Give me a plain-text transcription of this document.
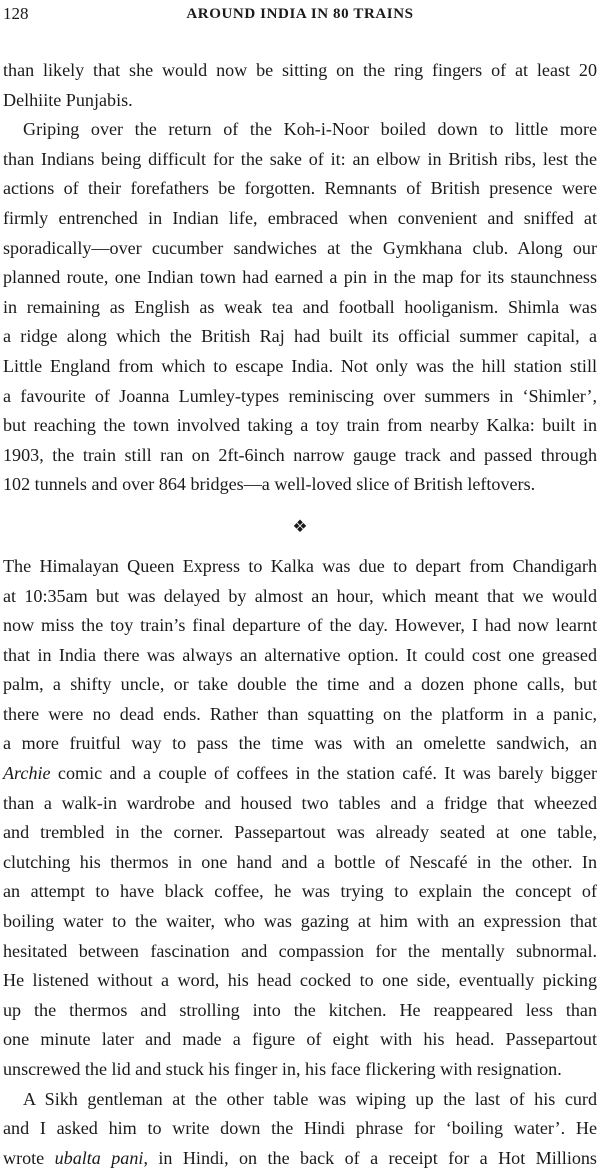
128	AROUND INDIA IN 80 TRAINS
than likely that she would now be sitting on the ring fingers of at least 20
Delhiite Punjabis.
Griping over the return of the Koh-i-Noor boiled down to little more
than Indians being difficult for the sake of it: an elbow in British ribs, lest the
actions of their forefathers be forgotten. Remnants of British presence were
firmly entrenched in Indian life, embraced when convenient and sniffed at
sporadically—over cucumber sandwiches at the Gymkhana club. Along our
planned route, one Indian town had earned a pin in the map for its staunchness
in remaining as English as weak tea and football hooliganism. Shimla was
a ridge along which the British Raj had built its official summer capital, a
Little England from which to escape India. Not only was the hill station still
a favourite of Joanna Lumley-types reminiscing over summers in ‘Shimler’,
but reaching the town involved taking a toy train from nearby Kalka: built in
1903, the train still ran on 2ft-6inch narrow gauge track and passed through
102 tunnels and over 864 bridges—a well-loved slice of British leftovers.
❖
The Himalayan Queen Express to Kalka was due to depart from Chandigarh
at 10:35am but was delayed by almost an hour, which meant that we would
now miss the toy train’s final departure of the day. However, I had now learnt
that in India there was always an alternative option. It could cost one greased
palm, a shifty uncle, or take double the time and a dozen phone calls, but
there were no dead ends. Rather than squatting on the platform in a panic,
a more fruitful way to pass the time was with an omelette sandwich, an
Archie comic and a couple of coffees in the station café. It was barely bigger
than a walk-in wardrobe and housed two tables and a fridge that wheezed
and trembled in the corner. Passepartout was already seated at one table,
clutching his thermos in one hand and a bottle of Nescafé in the other. In
an attempt to have black coffee, he was trying to explain the concept of
boiling water to the waiter, who was gazing at him with an expression that
hesitated between fascination and compassion for the mentally subnormal.
He listened without a word, his head cocked to one side, eventually picking
up the thermos and strolling into the kitchen. He reappeared less than
one minute later and made a figure of eight with his head. Passepartout
unscrewed the lid and stuck his finger in, his face flickering with resignation.
A Sikh gentleman at the other table was wiping up the last of his curd
and I asked him to write down the Hindi phrase for ‘boiling water’. He
wrote ubalta pani, in Hindi, on the back of a receipt for a Hot Millions
